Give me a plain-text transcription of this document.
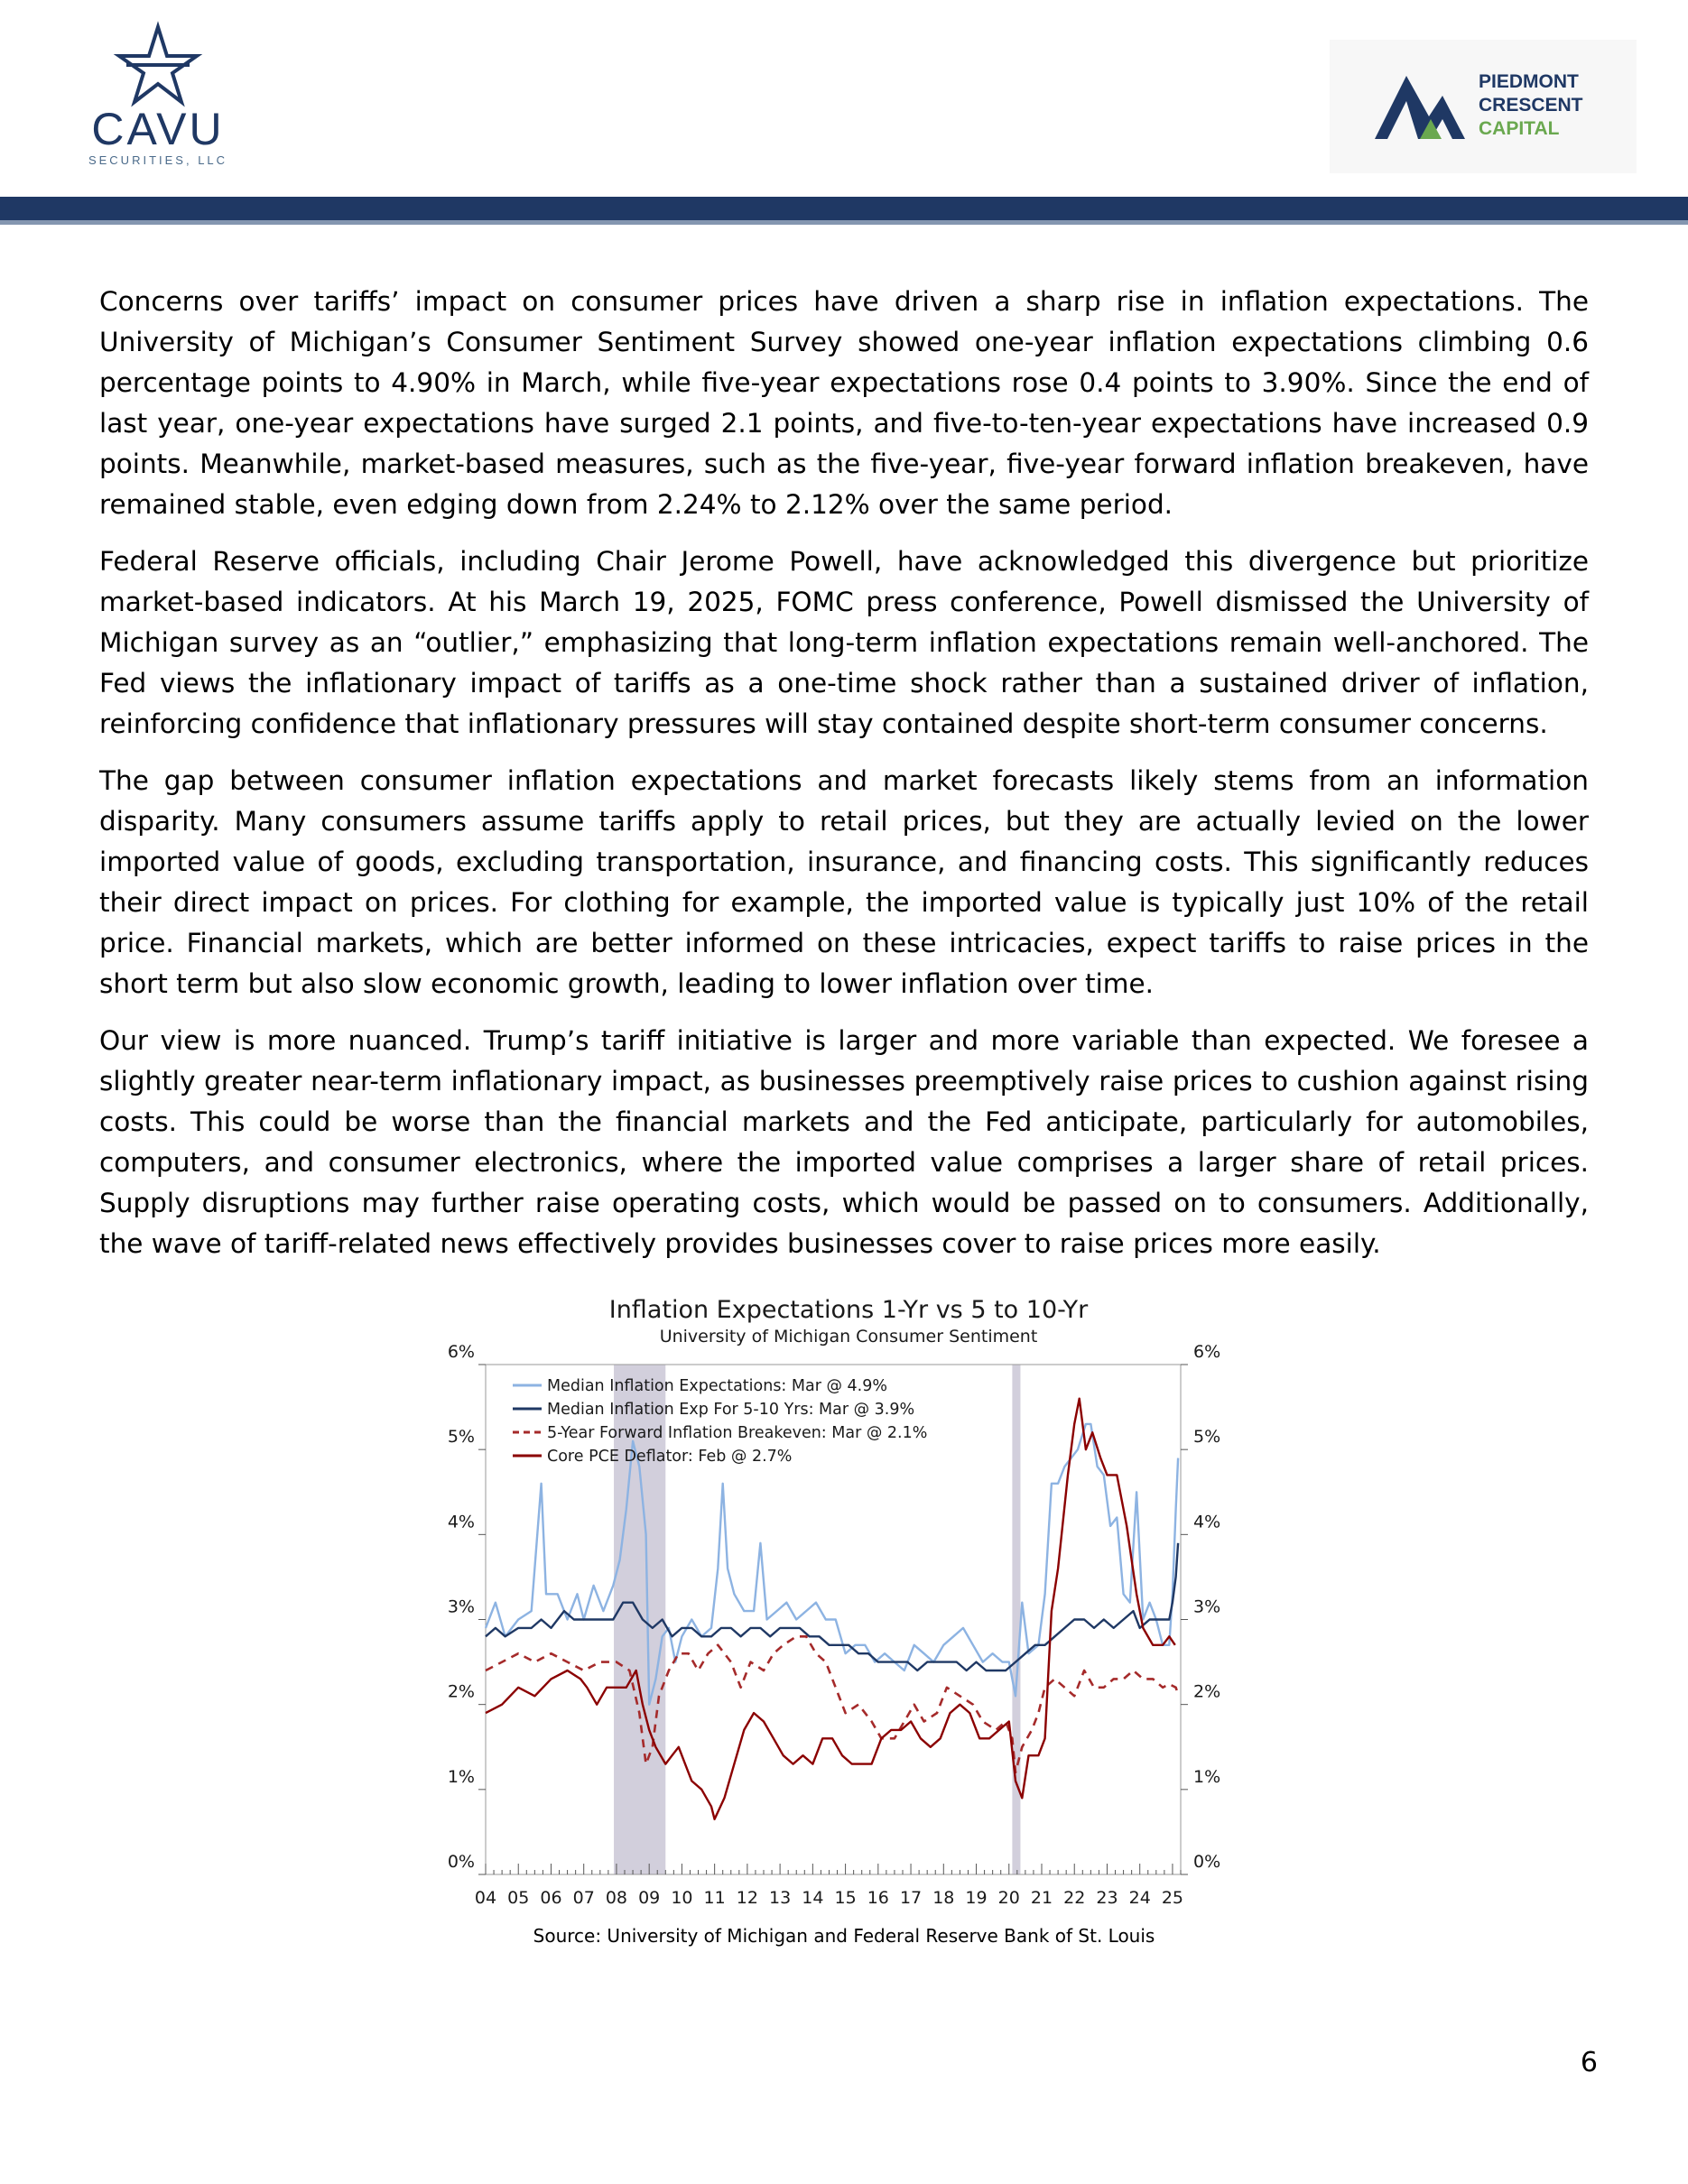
CAVU
SECURITIES, LLC
PIEDMONT
CRESCENT
CAPITAL

Concerns over tariffs’ impact on consumer prices have driven a sharp rise in inflation expectations. The University of Michigan’s Consumer Sentiment Survey showed one-year inflation expectations climbing 0.6 percentage points to 4.90% in March, while five-year expectations rose 0.4 points to 3.90%. Since the end of last year, one-year expectations have surged 2.1 points, and five-to-ten-year expectations have increased 0.9 points. Meanwhile, market-based measures, such as the five-year, five-year forward inflation breakeven, have remained stable, even edging down from 2.24% to 2.12% over the same period.

Federal Reserve officials, including Chair Jerome Powell, have acknowledged this divergence but prioritize market-based indicators. At his March 19, 2025, FOMC press conference, Powell dismissed the University of Michigan survey as an “outlier,” emphasizing that long-term inflation expectations remain well-anchored. The Fed views the inflationary impact of tariffs as a one-time shock rather than a sustained driver of inflation, reinforcing confidence that inflationary pressures will stay contained despite short-term consumer concerns.

The gap between consumer inflation expectations and market forecasts likely stems from an information disparity. Many consumers assume tariffs apply to retail prices, but they are actually levied on the lower imported value of goods, excluding transportation, insurance, and financing costs. This significantly reduces their direct impact on prices. For clothing for example, the imported value is typically just 10% of the retail price. Financial markets, which are better informed on these intricacies, expect tariffs to raise prices in the short term but also slow economic growth, leading to lower inflation over time.

Our view is more nuanced. Trump’s tariff initiative is larger and more variable than expected. We foresee a slightly greater near-term inflationary impact, as businesses preemptively raise prices to cushion against rising costs. This could be worse than the financial markets and the Fed anticipate, particularly for automobiles, computers, and consumer electronics, where the imported value comprises a larger share of retail prices. Supply disruptions may further raise operating costs, which would be passed on to consumers. Additionally, the wave of tariff-related news effectively provides businesses cover to raise prices more easily.

Inflation Expectations 1-Yr vs 5 to 10-Yr
University of Michigan Consumer Sentiment
0%	0%
1%	1%
2%	2%
3%	3%
4%	4%
5%	5%
6%	6%
04 05 06 07 08 09 10 11 12 13 14 15 16 17 18 19 20 21 22 23 24 25
Median Inflation Expectations: Mar @ 4.9%
Median Inflation Exp For 5-10 Yrs: Mar @ 3.9%
5-Year Forward Inflation Breakeven: Mar @ 2.1%
Core PCE Deflator: Feb @ 2.7%
Source: University of Michigan and Federal Reserve Bank of St. Louis
6
